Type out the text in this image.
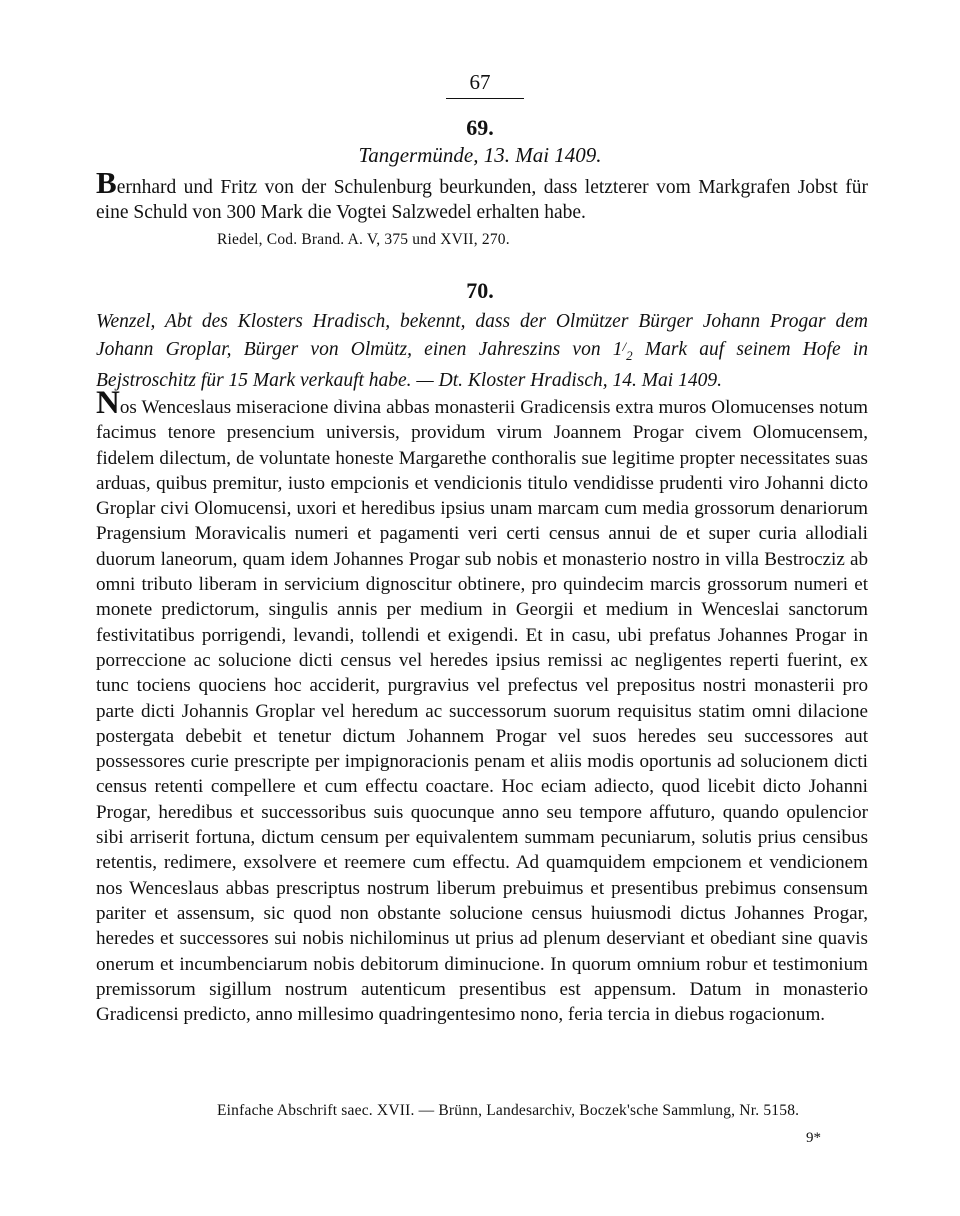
67
69.
Tangermünde, 13. Mai 1409.
Bernhard und Fritz von der Schulenburg beurkunden, dass letzterer vom Markgrafen Jobst für eine Schuld von 300 Mark die Vogtei Salzwedel erhalten habe.
Riedel, Cod. Brand. A. V, 375 und XVII, 270.
70.
Wenzel, Abt des Klosters Hradisch, bekennt, dass der Olmützer Bürger Johann Progar dem Johann Groplar, Bürger von Olmütz, einen Jahreszins von $1^/_2$ Mark auf seinem Hofe in Bejstroschitz für 15 Mark verkauft habe. — Dt. Kloster Hradisch, 14. Mai 1409.
Nos Wenceslaus miseracione divina abbas monasterii Gradicensis extra muros Olomucenses notum facimus tenore presencium universis, providum virum Joannem Progar civem Olomucensem, fidelem dilectum, de voluntate honeste Margarethe conthoralis sue legitime propter necessitates suas arduas, quibus premitur, iusto empcionis et vendicionis titulo vendidisse prudenti viro Johanni dicto Groplar civi Olomucensi, uxori et heredibus ipsius unam marcam cum media grossorum denariorum Pragensium Moravicalis numeri et pagamenti veri certi census annui de et super curia allodiali duorum laneorum, quam idem Johannes Progar sub nobis et monasterio nostro in villa Bestrocziz ab omni tributo liberam in servicium dignoscitur obtinere, pro quindecim marcis grossorum numeri et monete predictorum, singulis annis per medium in Georgii et medium in Wenceslai sanctorum festivitatibus porrigendi, levandi, tollendi et exigendi. Et in casu, ubi prefatus Johannes Progar in porreccione ac solucione dicti census vel heredes ipsius remissi ac negligentes reperti fuerint, ex tunc tociens quociens hoc acciderit, purgravius vel prefectus vel prepositus nostri monasterii pro parte dicti Johannis Groplar vel heredum ac successorum suorum requisitus statim omni dilacione postergata debebit et tenetur dictum Johannem Progar vel suos heredes seu successores aut possessores curie prescripte per impignoracionis penam et aliis modis oportunis ad solucionem dicti census retenti compellere et cum effectu coactare. Hoc eciam adiecto, quod licebit dicto Johanni Progar, heredibus et successoribus suis quocunque anno seu tempore affuturo, quando opulencior sibi arriserit fortuna, dictum censum per equivalentem summam pecuniarum, solutis prius censibus retentis, redimere, exsolvere et reemere cum effectu. Ad quamquidem empcionem et vendicionem nos Wenceslaus abbas prescriptus nostrum liberum prebuimus et presentibus prebimus consensum pariter et assensum, sic quod non obstante solucione census huiusmodi dictus Johannes Progar, heredes et successores sui nobis nichilominus ut prius ad plenum deserviant et obediant sine quavis onerum et incumbenciarum nobis debitorum diminucione. In quorum omnium robur et testimonium premissorum sigillum nostrum autenticum presentibus est appensum. Datum in monasterio Gradicensi predicto, anno millesimo quadringentesimo nono, feria tercia in diebus rogacionum.
Einfache Abschrift saec. XVII. — Brünn, Landesarchiv, Boczek'sche Sammlung, Nr. 5158.
9*
